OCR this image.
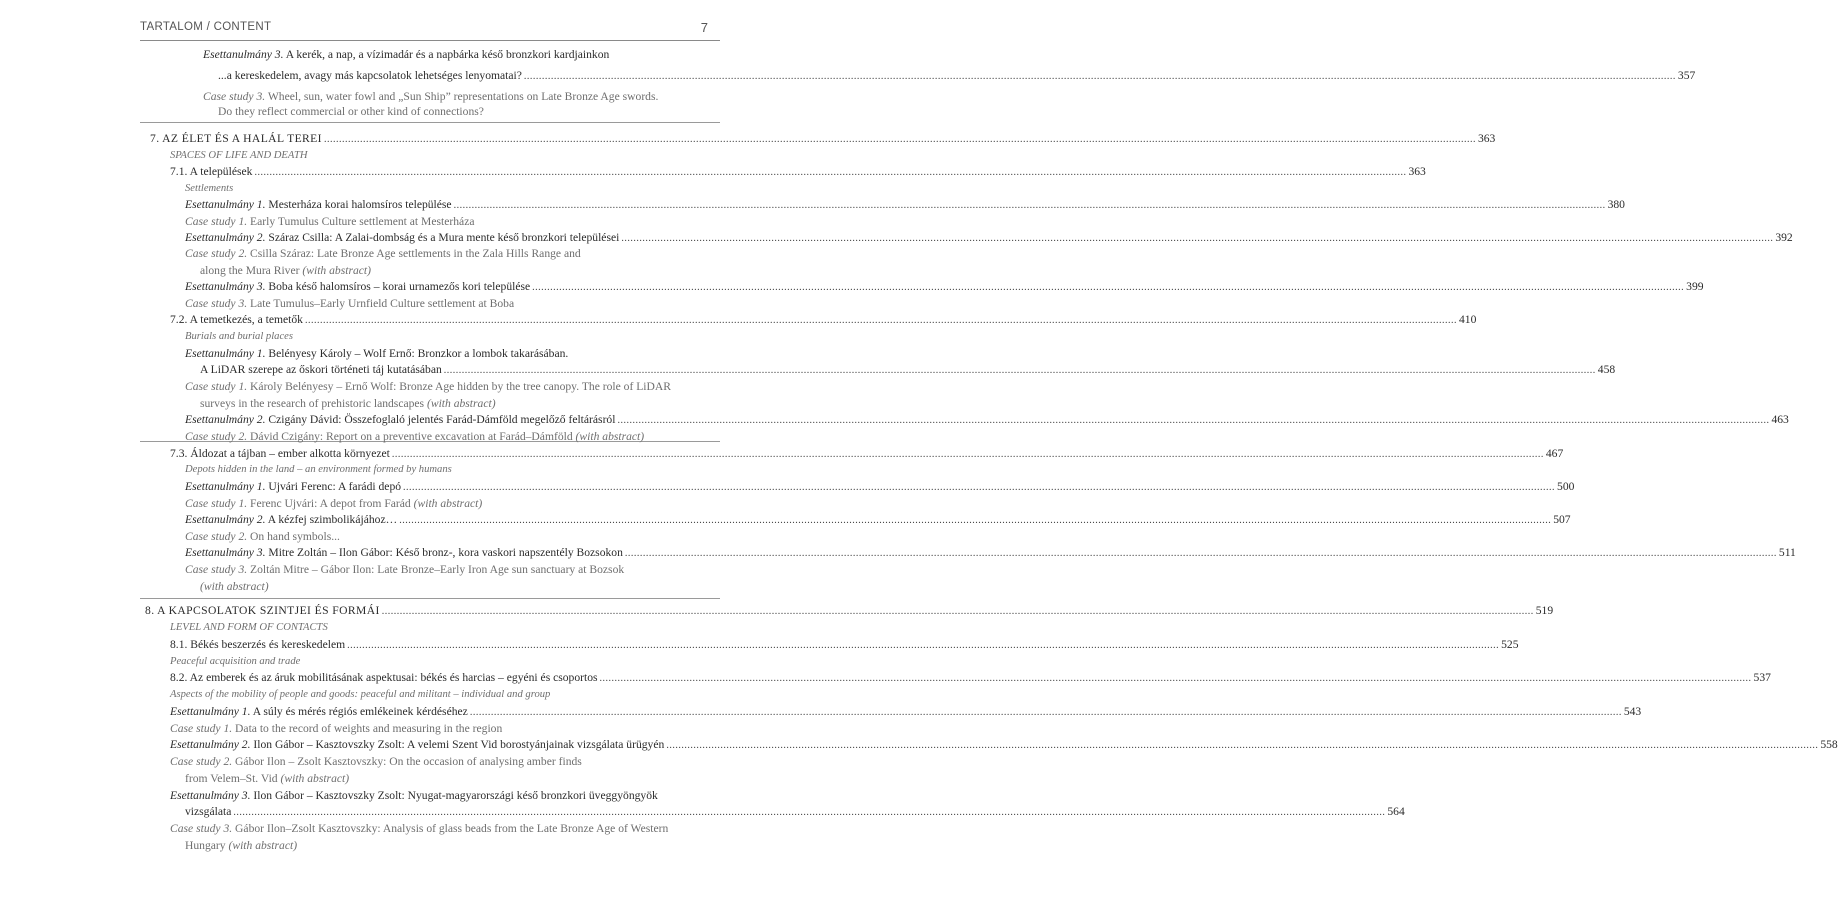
TARTALOM / CONTENT	7
Esettanulmány 3. A kerék, a nap, a vízimadár és a napbárka késő bronzkori kardjainkon
...a kereskedelem, avagy más kapcsolatok lehetséges lenyomatai? .....	357
Case study 3. Wheel, sun, water fowl and „Sun Ship” representations on Late Bronze Age swords.
Do they reflect commercial or other kind of connections?
7. AZ ÉLET ÉS A HALÁL TEREI .....	363
SPACES OF LIFE AND DEATH
7.1. A települések .....	363
Settlements
Esettanulmány 1. Mesterháza korai halomsíros települése .....	380
Case study 1. Early Tumulus Culture settlement at Mesterháza
Esettanulmány 2. Száraz Csilla: A Zalai-dombság és a Mura mente késő bronzkori települései .....	392
Case study 2. Csilla Száraz: Late Bronze Age settlements in the Zala Hills Range and
along the Mura River (with abstract)
Esettanulmány 3. Boba késő halomsíros – korai urnamezős kori települése .....	399
Case study 3. Late Tumulus–Early Urnfield Culture settlement at Boba
7.2. A temetkezés, a temetők .....	410
Burials and burial places
Esettanulmány 1. Belényesy Károly – Wolf Ernő: Bronzkor a lombok takarásában.
A LiDAR szerepe az őskori történeti táj kutatásában .....	458
Case study 1. Károly Belényesy – Ernő Wolf: Bronze Age hidden by the tree canopy. The role of LiDAR
surveys in the research of prehistoric landscapes (with abstract)
Esettanulmány 2. Czigány Dávid: Összefoglaló jelentés Farád-Dámföld megelőző feltárásról .....	463
Case study 2. Dávid Czigány: Report on a preventive excavation at Farád–Dámföld (with abstract)
7.3. Áldozat a tájban – ember alkotta környezet .....	467
Depots hidden in the land – an environment formed by humans
Esettanulmány 1. Ujvári Ferenc: A farádi depó .....	500
Case study 1. Ferenc Ujvári: A depot from Farád (with abstract)
Esettanulmány 2. A kézfej szimbolikájához… .....	507
Case study 2. On hand symbols...
Esettanulmány 3. Mitre Zoltán – Ilon Gábor: Késő bronz-, kora vaskori napszentély Bozsokon .....	511
Case study 3. Zoltán Mitre – Gábor Ilon: Late Bronze–Early Iron Age sun sanctuary at Bozsok
(with abstract)
8. A KAPCSOLATOK SZINTJEI ÉS FORMÁI .....	519
LEVEL AND FORM OF CONTACTS
8.1. Békés beszerzés és kereskedelem .....	525
Peaceful acquisition and trade
8.2. Az emberek és az áruk mobilitásának aspektusai: békés és harcias – egyéni és csoportos .....	537
Aspects of the mobility of people and goods: peaceful and militant – individual and group
Esettanulmány 1. A súly és mérés régiós emlékeinek kérdéséhez .....	543
Case study 1. Data to the record of weights and measuring in the region
Esettanulmány 2. Ilon Gábor – Kasztovszky Zsolt: A velemi Szent Vid borostyánjainak vizsgálata ürügyén .....	558
Case study 2. Gábor Ilon – Zsolt Kasztovszky: On the occasion of analysing amber finds
from Velem–St. Vid (with abstract)
Esettanulmány 3. Ilon Gábor – Kasztovszky Zsolt: Nyugat-magyarországi késő bronzkori üveggyöngyök
vizsgálata .....	564
Case study 3. Gábor Ilon–Zsolt Kasztovszky: Analysis of glass beads from the Late Bronze Age of Western
Hungary (with abstract)
